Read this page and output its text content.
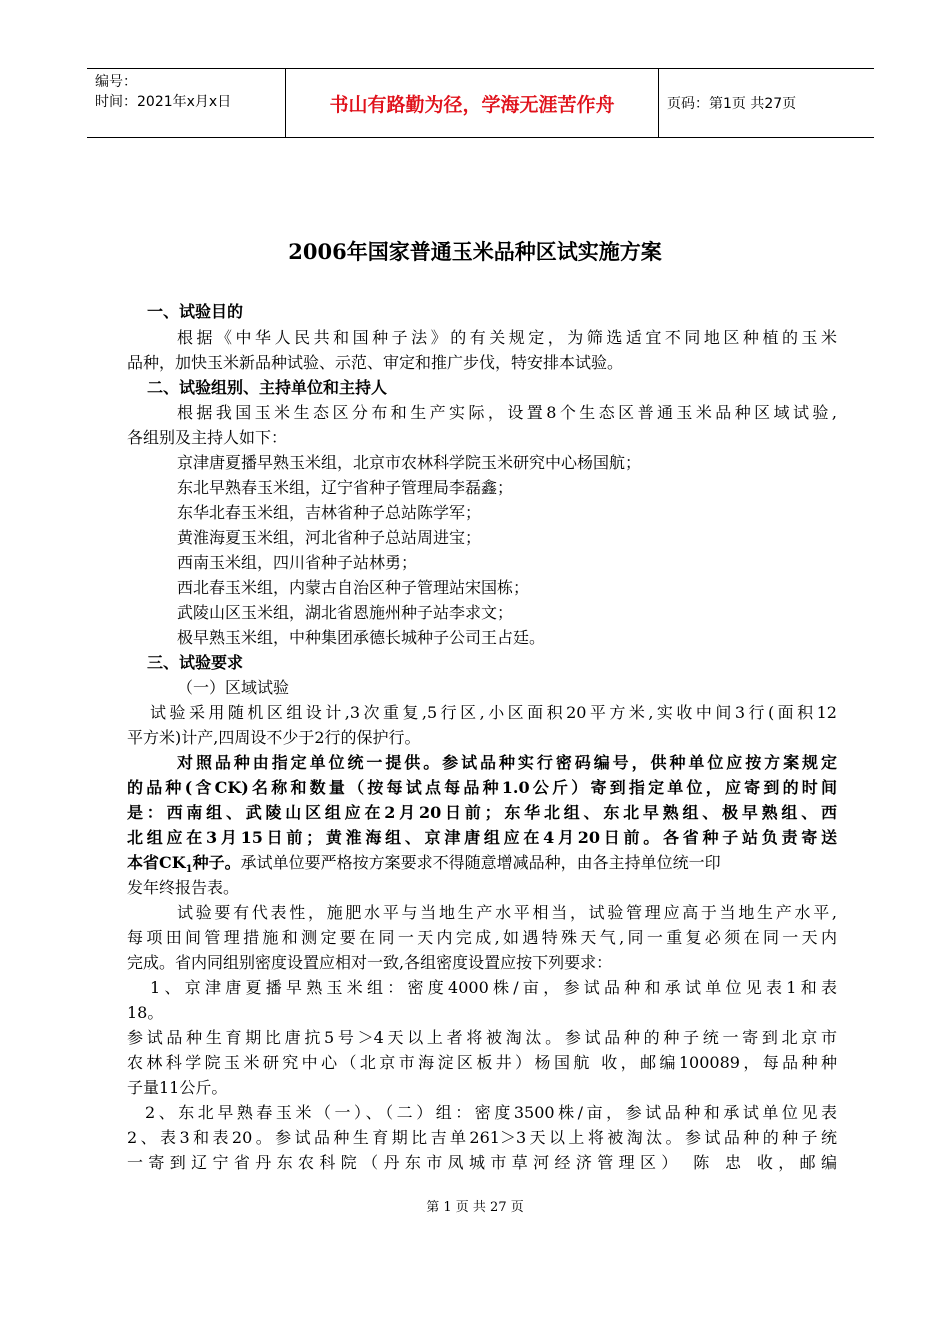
编号：
时间：2021年x月x日	书山有路勤为径，学海无涯苦作舟	页码：第1页 共27页
2006年国家普通玉米品种区试实施方案
一、试验目的
根据《中华人民共和国种子法》的有关规定，为筛选适宜不同地区种植的玉米
品种，加快玉米新品种试验、示范、审定和推广步伐，特安排本试验。
二、试验组别、主持单位和主持人
根据我国玉米生态区分布和生产实际，设置8个生态区普通玉米品种区域试验,
各组别及主持人如下：
京津唐夏播早熟玉米组，北京市农林科学院玉米研究中心杨国航；
东北早熟春玉米组，辽宁省种子管理局李磊鑫；
东华北春玉米组，吉林省种子总站陈学军；
黄淮海夏玉米组，河北省种子总站周进宝；
西南玉米组，四川省种子站林勇；
西北春玉米组，内蒙古自治区种子管理站宋国栋；
武陵山区玉米组，湖北省恩施州种子站李求文；
极早熟玉米组，中种集团承德长城种子公司王占廷。
三、试验要求
（一）区域试验
试验采用随机区组设计,3次重复,5行区,小区面积20平方米,实收中间3行(面积12
平方米)计产,四周设不少于2行的保护行。
对照品种由指定单位统一提供。参试品种实行密码编号，供种单位应按方案规定
的品种(含CK)名称和数量（按每试点每品种1.0公斤）寄到指定单位，应寄到的时间
是：西南组、武陵山区组应在2月20日前；东华北组、东北早熟组、极早熟组、西
北组应在3月15日前；黄淮海组、京津唐组应在4月20日前。各省种子站负责寄送
本省$CK_1$种子。承试单位要严格按方案要求不得随意增减品种，由各主持单位统一印
发年终报告表。
试验要有代表性，施肥水平与当地生产水平相当，试验管理应高于当地生产水平,
每项田间管理措施和测定要在同一天内完成,如遇特殊天气,同一重复必须在同一天内
完成。省内同组别密度设置应相对一致,各组密度设置应按下列要求：
1、京津唐夏播早熟玉米组：密度4000株/亩，参试品种和承试单位见表1和表
18。
参试品种生育期比唐抗5号＞4天以上者将被淘汰。参试品种的种子统一寄到北京市
农林科学院玉米研究中心（北京市海淀区板井）杨国航 收，邮编100089，每品种种
子量11公斤。
2、东北早熟春玉米（一）、（二）组：密度3500株/亩，参试品种和承试单位见表
2、表3和表20。参试品种生育期比吉单261＞3天以上将被淘汰。参试品种的种子统
一寄到辽宁省丹东农科院（丹东市凤城市草河经济管理区） 陈 忠 收，邮编
第 1 页 共 27 页
